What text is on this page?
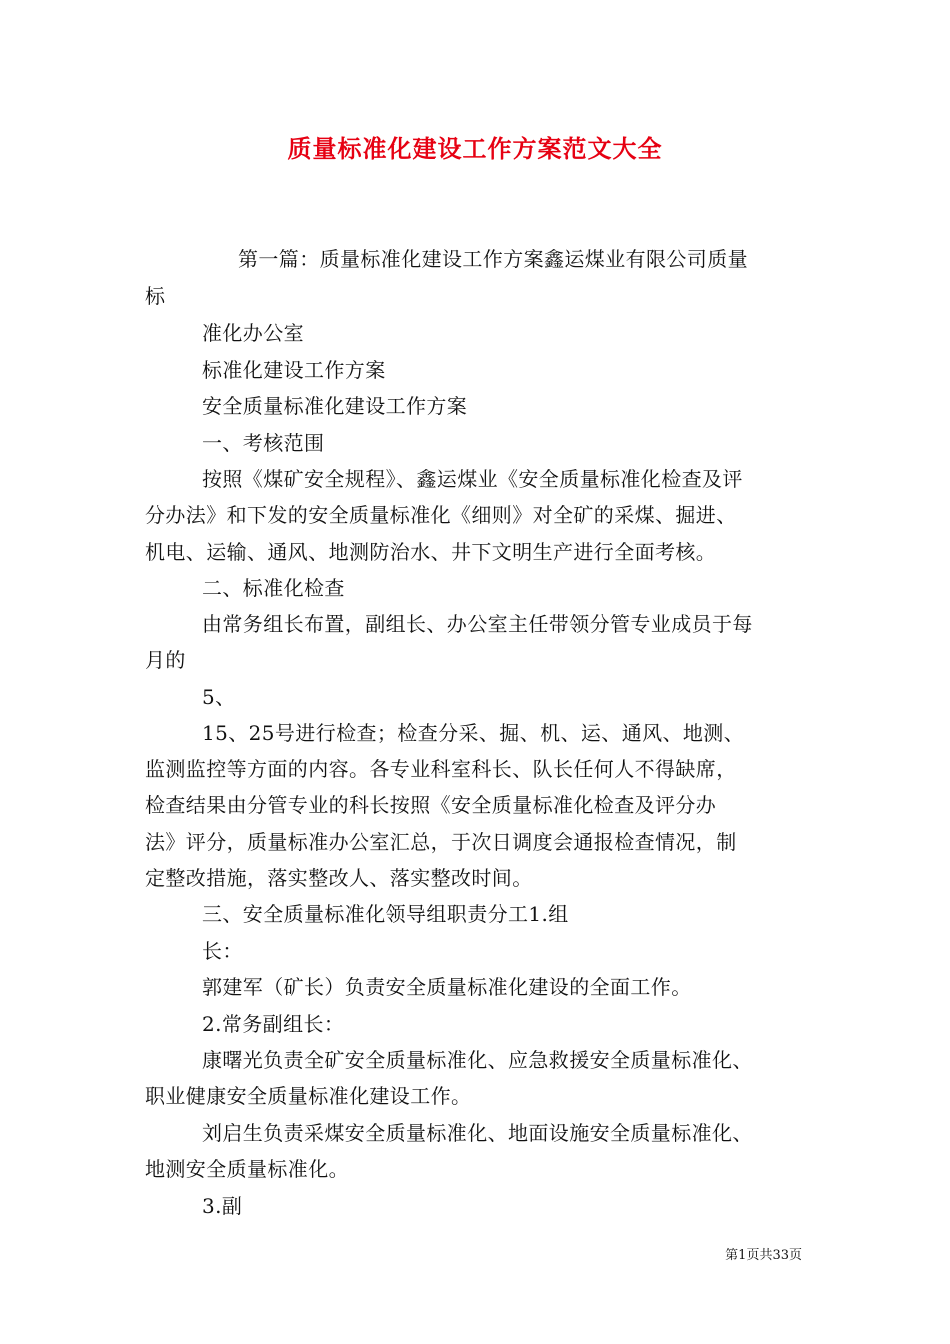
质量标准化建设工作方案范文大全
第一篇：质量标准化建设工作方案鑫运煤业有限公司质量
标
准化办公室
标准化建设工作方案
安全质量标准化建设工作方案
一、考核范围
按照《煤矿安全规程》、鑫运煤业《安全质量标准化检查及评
分办法》和下发的安全质量标准化《细则》对全矿的采煤、掘进、
机电、运输、通风、地测防治水、井下文明生产进行全面考核。
二、标准化检查
由常务组长布置，副组长、办公室主任带领分管专业成员于每
月的
5、
15、25号进行检查；检查分采、掘、机、运、通风、地测、
监测监控等方面的内容。各专业科室科长、队长任何人不得缺席，
检查结果由分管专业的科长按照《安全质量标准化检查及评分办
法》评分，质量标准办公室汇总，于次日调度会通报检查情况，制
定整改措施，落实整改人、落实整改时间。
三、安全质量标准化领导组职责分工1.组
长：
郭建军（矿长）负责安全质量标准化建设的全面工作。
2.常务副组长：
康曙光负责全矿安全质量标准化、应急救援安全质量标准化、
职业健康安全质量标准化建设工作。
刘启生负责采煤安全质量标准化、地面设施安全质量标准化、
地测安全质量标准化。
3.副
第1页共33页
